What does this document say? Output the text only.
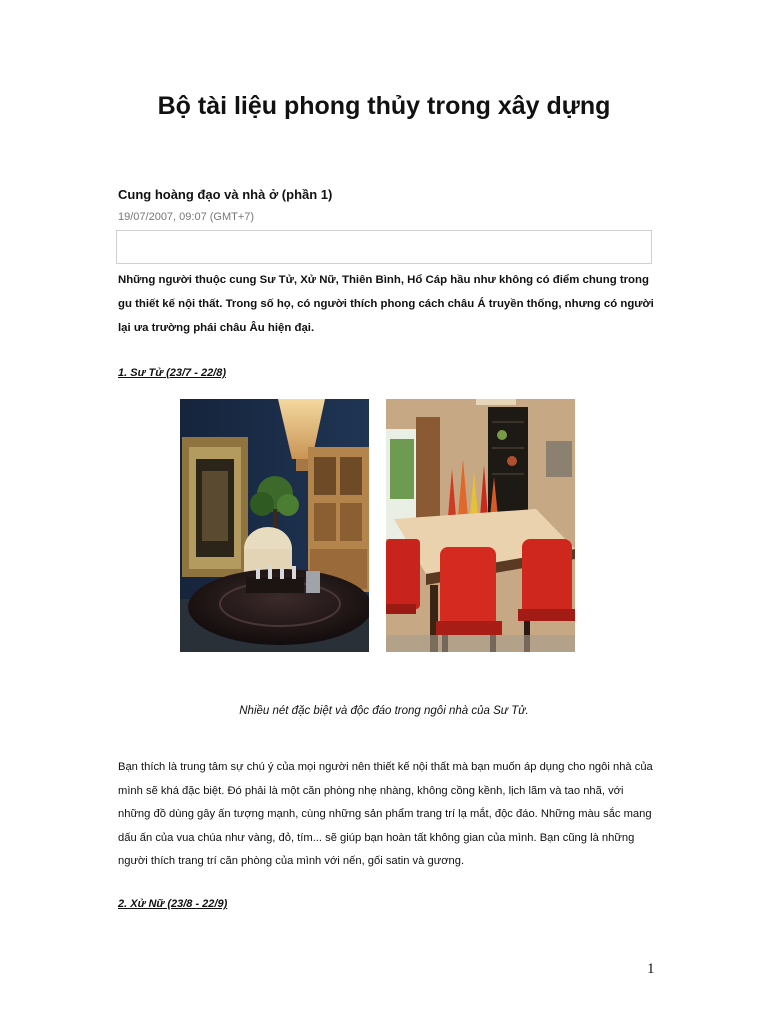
Bộ tài liệu phong thủy trong xây dựng
Cung hoàng đạo và nhà ở (phần 1)
19/07/2007, 09:07 (GMT+7)
Những người thuộc cung Sư Tử, Xử Nữ, Thiên Bình, Hổ Cáp hầu như không có điểm chung trong gu thiết kế nội thất. Trong số họ, có người thích phong cách châu Á truyền thống, nhưng có người lại ưa trường phái châu Âu hiện đại.
1. Sư Tử (23/7 - 22/8)
Nhiều nét đặc biệt và độc đáo trong ngôi nhà của Sư Tử.
Bạn thích là trung tâm sự chú ý của mọi người nên thiết kế nội thất mà bạn muốn áp dụng cho ngôi nhà của mình sẽ khá đặc biệt. Đó phải là một căn phòng nhẹ nhàng, không cồng kềnh, lịch lãm và tao nhã, với những đồ dùng gây ấn tượng mạnh, cùng những sản phẩm trang trí lạ mắt, độc đáo. Những màu sắc mang dấu ấn của vua chúa như vàng, đỏ, tím... sẽ giúp bạn hoàn tất không gian của mình. Bạn cũng là những người thích trang trí căn phòng của mình với nến, gối satin và gương.
2. Xử Nữ (23/8 - 22/9)
1
